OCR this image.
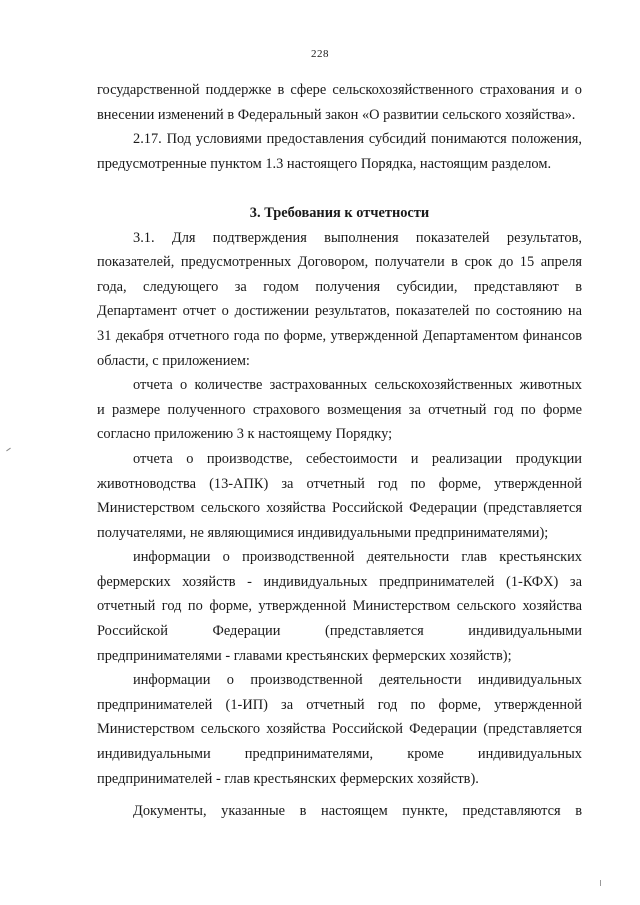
228
государственной поддержке в сфере сельскохозяйственного страхования и о
внесении изменений в Федеральный закон «О развитии сельского хозяйства».
2.17. Под условиями предоставления субсидий понимаются положения,
предусмотренные пунктом 1.3 настоящего Порядка, настоящим разделом.
3. Требования к отчетности
3.1. Для подтверждения выполнения показателей результатов,
показателей, предусмотренных Договором, получатели в срок до 15 апреля
года, следующего за годом получения субсидии, представляют в
Департамент отчет о достижении результатов, показателей по состоянию на
31 декабря отчетного года по форме, утвержденной Департаментом финансов
области, с приложением:
отчета о количестве застрахованных сельскохозяйственных животных
и размере полученного страхового возмещения за отчетный год по форме
согласно приложению 3 к настоящему Порядку;
отчета о производстве, себестоимости и реализации продукции
животноводства (13-АПК) за отчетный год по форме, утвержденной
Министерством сельского хозяйства Российской Федерации (представляется
получателями, не являющимися индивидуальными предпринимателями);
информации о производственной деятельности глав крестьянских
фермерских хозяйств - индивидуальных предпринимателей (1-КФХ) за
отчетный год по форме, утвержденной Министерством сельского хозяйства
Российской Федерации (представляется индивидуальными
предпринимателями - главами крестьянских фермерских хозяйств);
информации о производственной деятельности индивидуальных
предпринимателей (1-ИП) за отчетный год по форме, утвержденной
Министерством сельского хозяйства Российской Федерации (представляется
индивидуальными предпринимателями, кроме индивидуальных
предпринимателей - глав крестьянских фермерских хозяйств).
Документы, указанные в настоящем пункте, представляются в
